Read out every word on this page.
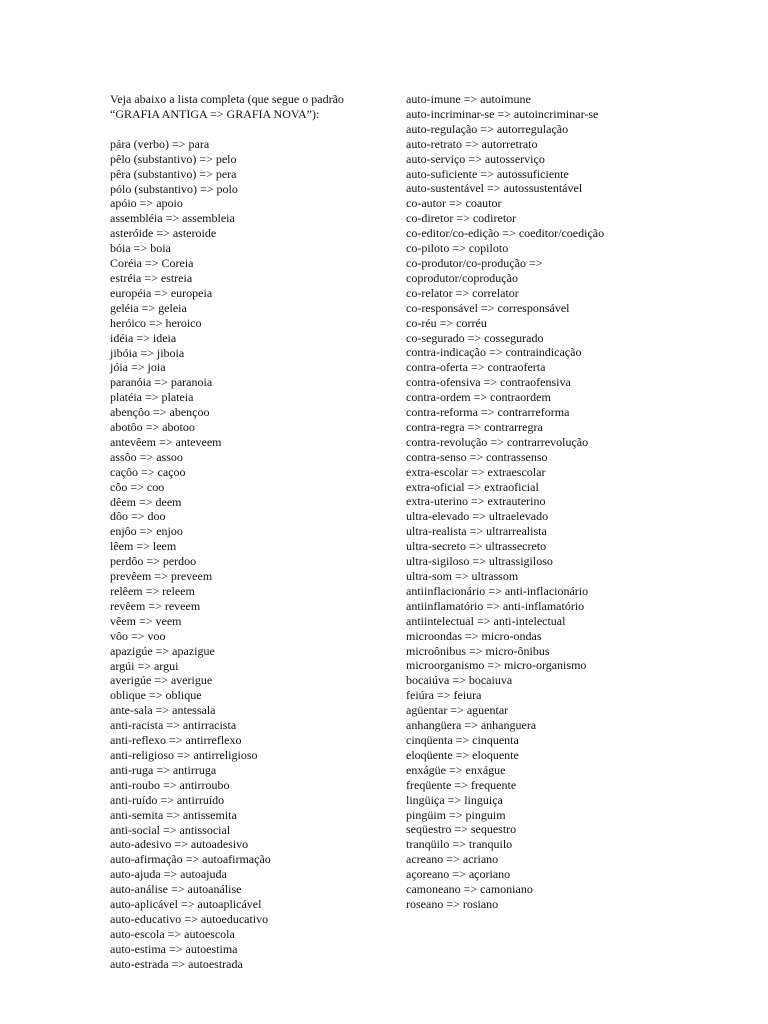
Veja abaixo a lista completa (que segue o padrão “GRAFIA ANTIGA => GRAFIA NOVA”):
pára (verbo) => para
pêlo (substantivo) => pelo
pêra (substantivo) => pera
pólo (substantivo) => polo
apóio => apoio
assembléia => assembleia
asteróide => asteroide
bóia => boia
Coréia => Coreia
estréia => estreia
européia => europeia
geléia => geleia
heróico => heroico
idéia => ideia
jibóia => jiboia
jóia => joia
paranóia => paranoia
platéia => plateia
abençôo => abençoo
abotôo => abotoo
antevêem => anteveem
assôo => assoo
caçôo => caçoo
côo => coo
dêem => deem
dôo => doo
enjôo => enjoo
lêem => leem
perdôo => perdoo
prevêem => preveem
relêem => releem
revêem => reveem
vêem => veem
vôo => voo
apazigúe => apazigue
argúi => argui
averigúe => averigue
oblique => oblique
ante-sala => antessala
anti-racista => antirracista
anti-reflexo => antirreflexo
anti-religioso => antirreligioso
anti-ruga => antirruga
anti-roubo => antirroubo
anti-ruído => antirruído
anti-semita => antissemita
anti-social => antissocial
auto-adesivo => autoadesivo
auto-afirmação => autoafirmação
auto-ajuda => autoajuda
auto-análise => autoanálise
auto-aplicável => autoaplicável
auto-educativo => autoeducativo
auto-escola => autoescola
auto-estima => autoestima
auto-estrada => autoestrada
auto-imune => autoimune
auto-incriminar-se => autoincriminar-se
auto-regulação => autorregulação
auto-retrato => autorretrato
auto-serviço => autosserviço
auto-suficiente => autossuficiente
auto-sustentável => autossustentável
co-autor => coautor
co-diretor => codiretor
co-editor/co-edição => coeditor/coedição
co-piloto => copiloto
co-produtor/co-produção =>
coprodutor/coprodução
co-relator => correlator
co-responsável => corresponsável
co-réu => corréu
co-segurado => cossegurado
contra-indicação => contraindicação
contra-oferta => contraoferta
contra-ofensiva => contraofensiva
contra-ordem => contraordem
contra-reforma => contrarreforma
contra-regra => contrarregra
contra-revolução => contrarrevolução
contra-senso => contrassenso
extra-escolar => extraescolar
extra-oficial => extraoficial
extra-uterino => extrauterino
ultra-elevado => ultraelevado
ultra-realista => ultrarrealista
ultra-secreto => ultrassecreto
ultra-sigiloso => ultrassigiloso
ultra-som => ultrassom
antiinflacionário => anti-inflacionário
antiinflamatório => anti-inflamatório
antiintelectual => anti-intelectual
microondas => micro-ondas
microônibus => micro-ônibus
microorganismo => micro-organismo
bocaiúva => bocaiuva
feiúra => feiura
agüentar => aguentar
anhangüera => anhanguera
cinqüenta => cinquenta
eloqüente => eloquente
enxágüe => enxágue
freqüente => frequente
lingüiça => linguiça
pingüim => pinguim
seqüestro => sequestro
tranqüilo => tranquilo
acreano => acriano
açoreano => açoriano
camoneano => camoniano
roseano => rosiano
